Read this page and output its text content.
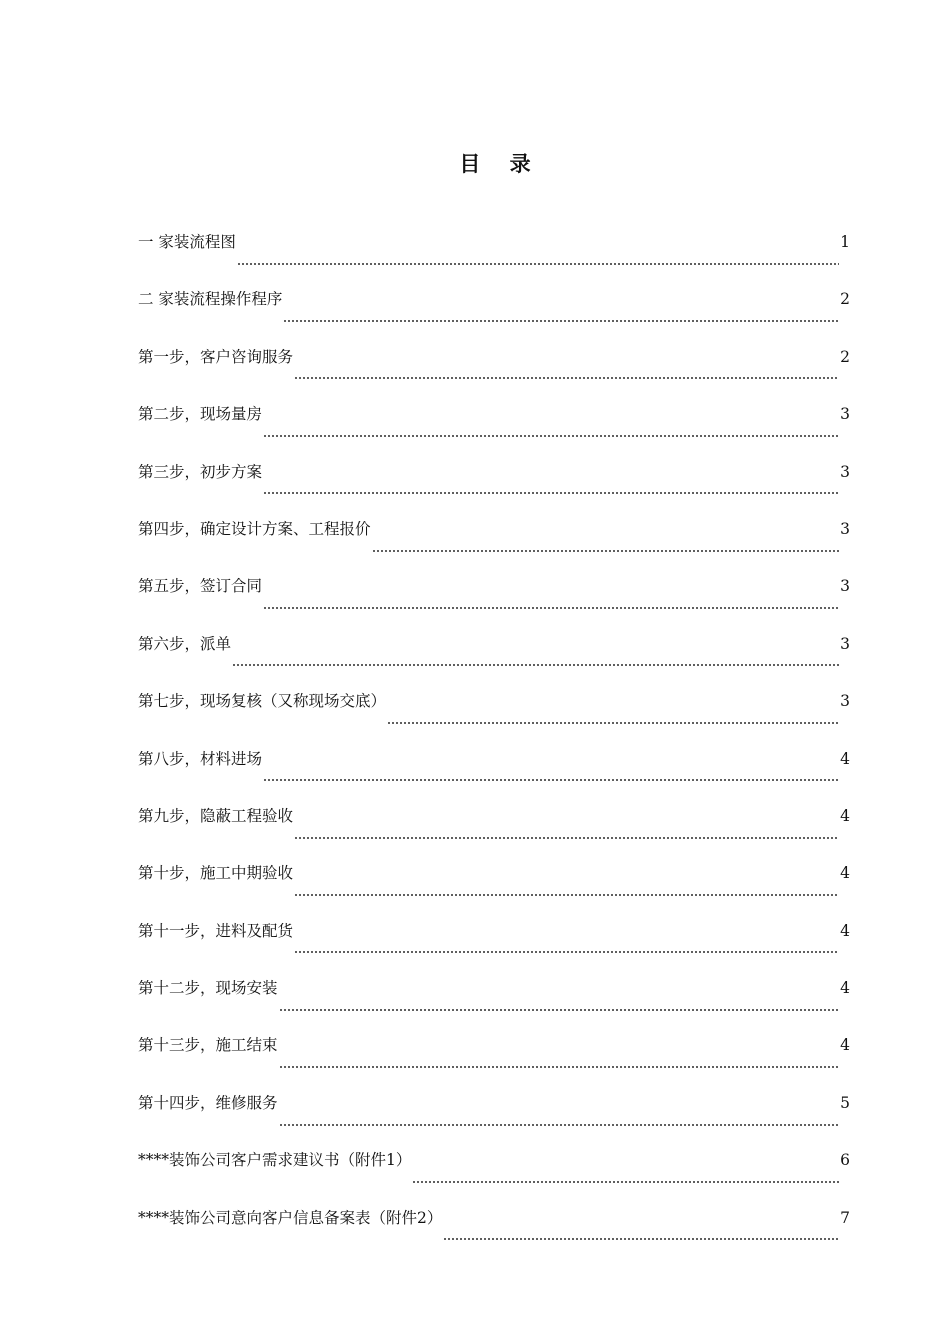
目    录
一 家装流程图	1
二 家装流程操作程序	2
第一步，客户咨询服务	2
第二步，现场量房	3
第三步，初步方案	3
第四步，确定设计方案、工程报价	3
第五步，签订合同	3
第六步，派单	3
第七步，现场复核（又称现场交底）	3
第八步，材料进场	4
第九步，隐蔽工程验收	4
第十步，施工中期验收	4
第十一步，进料及配货	4
第十二步，现场安装	4
第十三步，施工结束	4
第十四步，维修服务	5
****装饰公司客户需求建议书（附件1）	6
****装饰公司意向客户信息备案表（附件2）	7
